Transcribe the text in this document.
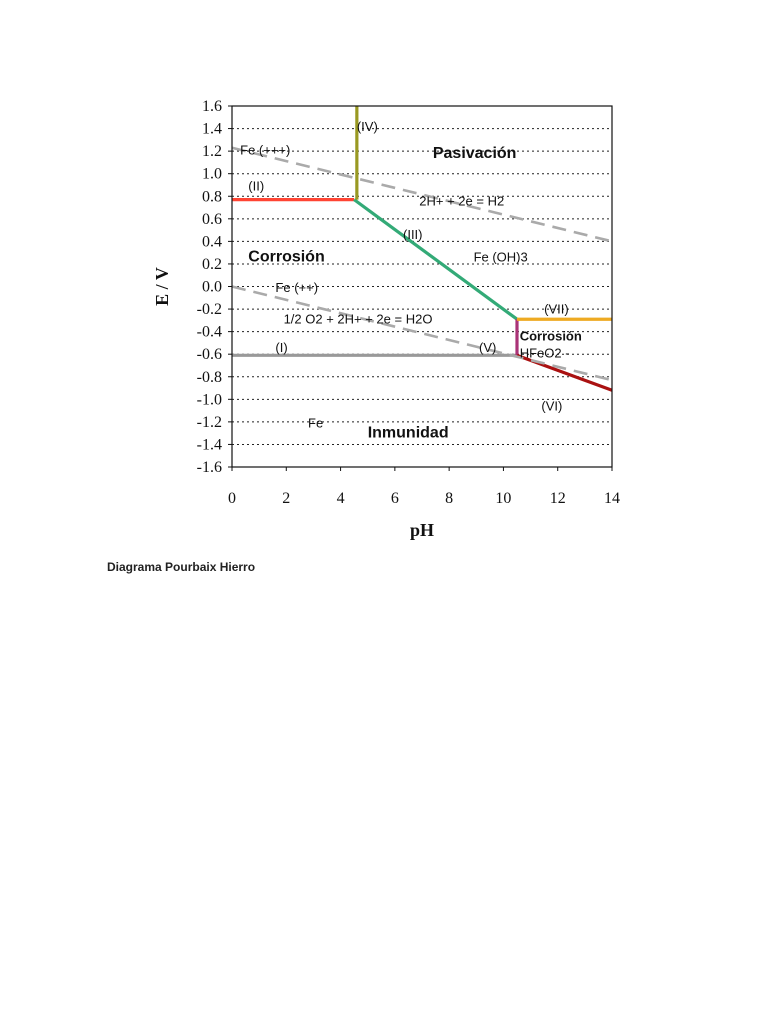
1.6
1.4
1.2
1.0
0.8
0.6
0.4
0.2
0.0
-0.2
-0.4
-0.6
-0.8
-1.0
-1.2
-1.4
-1.6
0	2	4	6	8	10 12 14
Fe (+++)
(II)
(IV)
Pasivación
2H+ + 2e = H2
(III)
Corrosión	Fe (OH)3
Fe (++)
(VII)
1/2 O2 + 2H+ + 2e = H2O
Corrosión
HFeO2 -
(I)	(V)
(VI)
Fe
Inmunidad
pH
E / V
Diagrama Pourbaix Hierro
